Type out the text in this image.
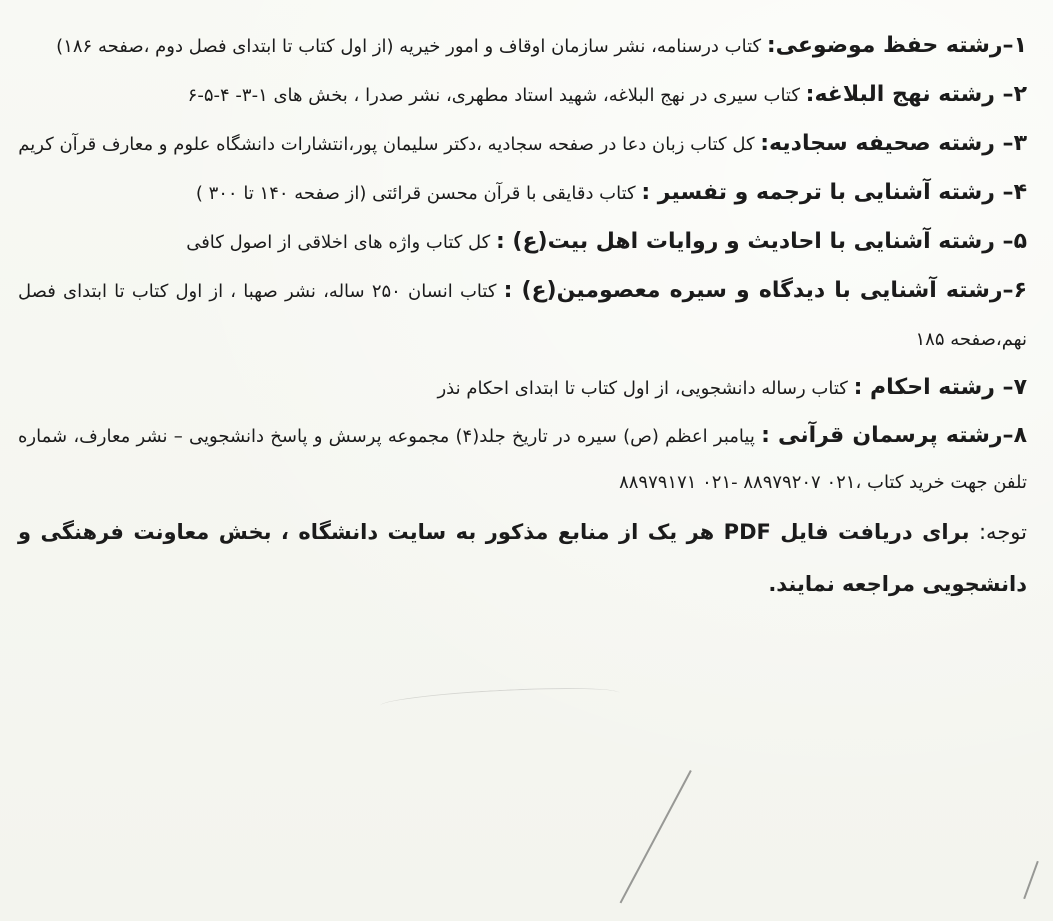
۱–رشته حفظ موضوعی: کتاب درسنامه، نشر سازمان اوقاف و امور خیریه (از اول کتاب تا ابتدای فصل دوم ،صفحه ۱۸۶)

۲– رشته نهج البلاغه: کتاب سیری در نهج البلاغه، شهید استاد مطهری، نشر صدرا ، بخش های ۱-۳- ۴-۵-۶

۳– رشته صحیفه سجادیه: کل کتاب زبان دعا در صفحه سجادیه ،دکتر سلیمان پور،انتشارات دانشگاه علوم و معارف قرآن کریم

۴– رشته آشنایی با ترجمه و تفسیر : کتاب دقایقی با قرآن محسن قرائتی (از صفحه ۱۴۰ تا ۳۰۰ )

۵– رشته آشنایی با احادیث و روایات اهل بیت(ع) : کل کتاب واژه های اخلاقی از اصول کافی

۶–رشته آشنایی با دیدگاه و سیره معصومین(ع) : کتاب انسان ۲۵۰ ساله، نشر صهبا ، از اول کتاب تا ابتدای فصل نهم،صفحه ۱۸۵

۷– رشته احکام : کتاب رساله دانشجویی، از اول کتاب تا ابتدای احکام نذر

۸–رشته پرسمان قرآنی : پیامبر اعظم (ص) سیره در تاریخ جلد(۴) مجموعه پرسش و پاسخ دانشجویی – نشر معارف، شماره تلفن جهت خرید کتاب ،۰۲۱ ۸۸۹۷۹۲۰۷ -۰۲۱ ۸۸۹۷۹۱۷۱

توجه: برای دریافت فایل PDF هر یک از منابع مذکور به سایت دانشگاه ، بخش معاونت فرهنگی و دانشجویی مراجعه نمایند.
